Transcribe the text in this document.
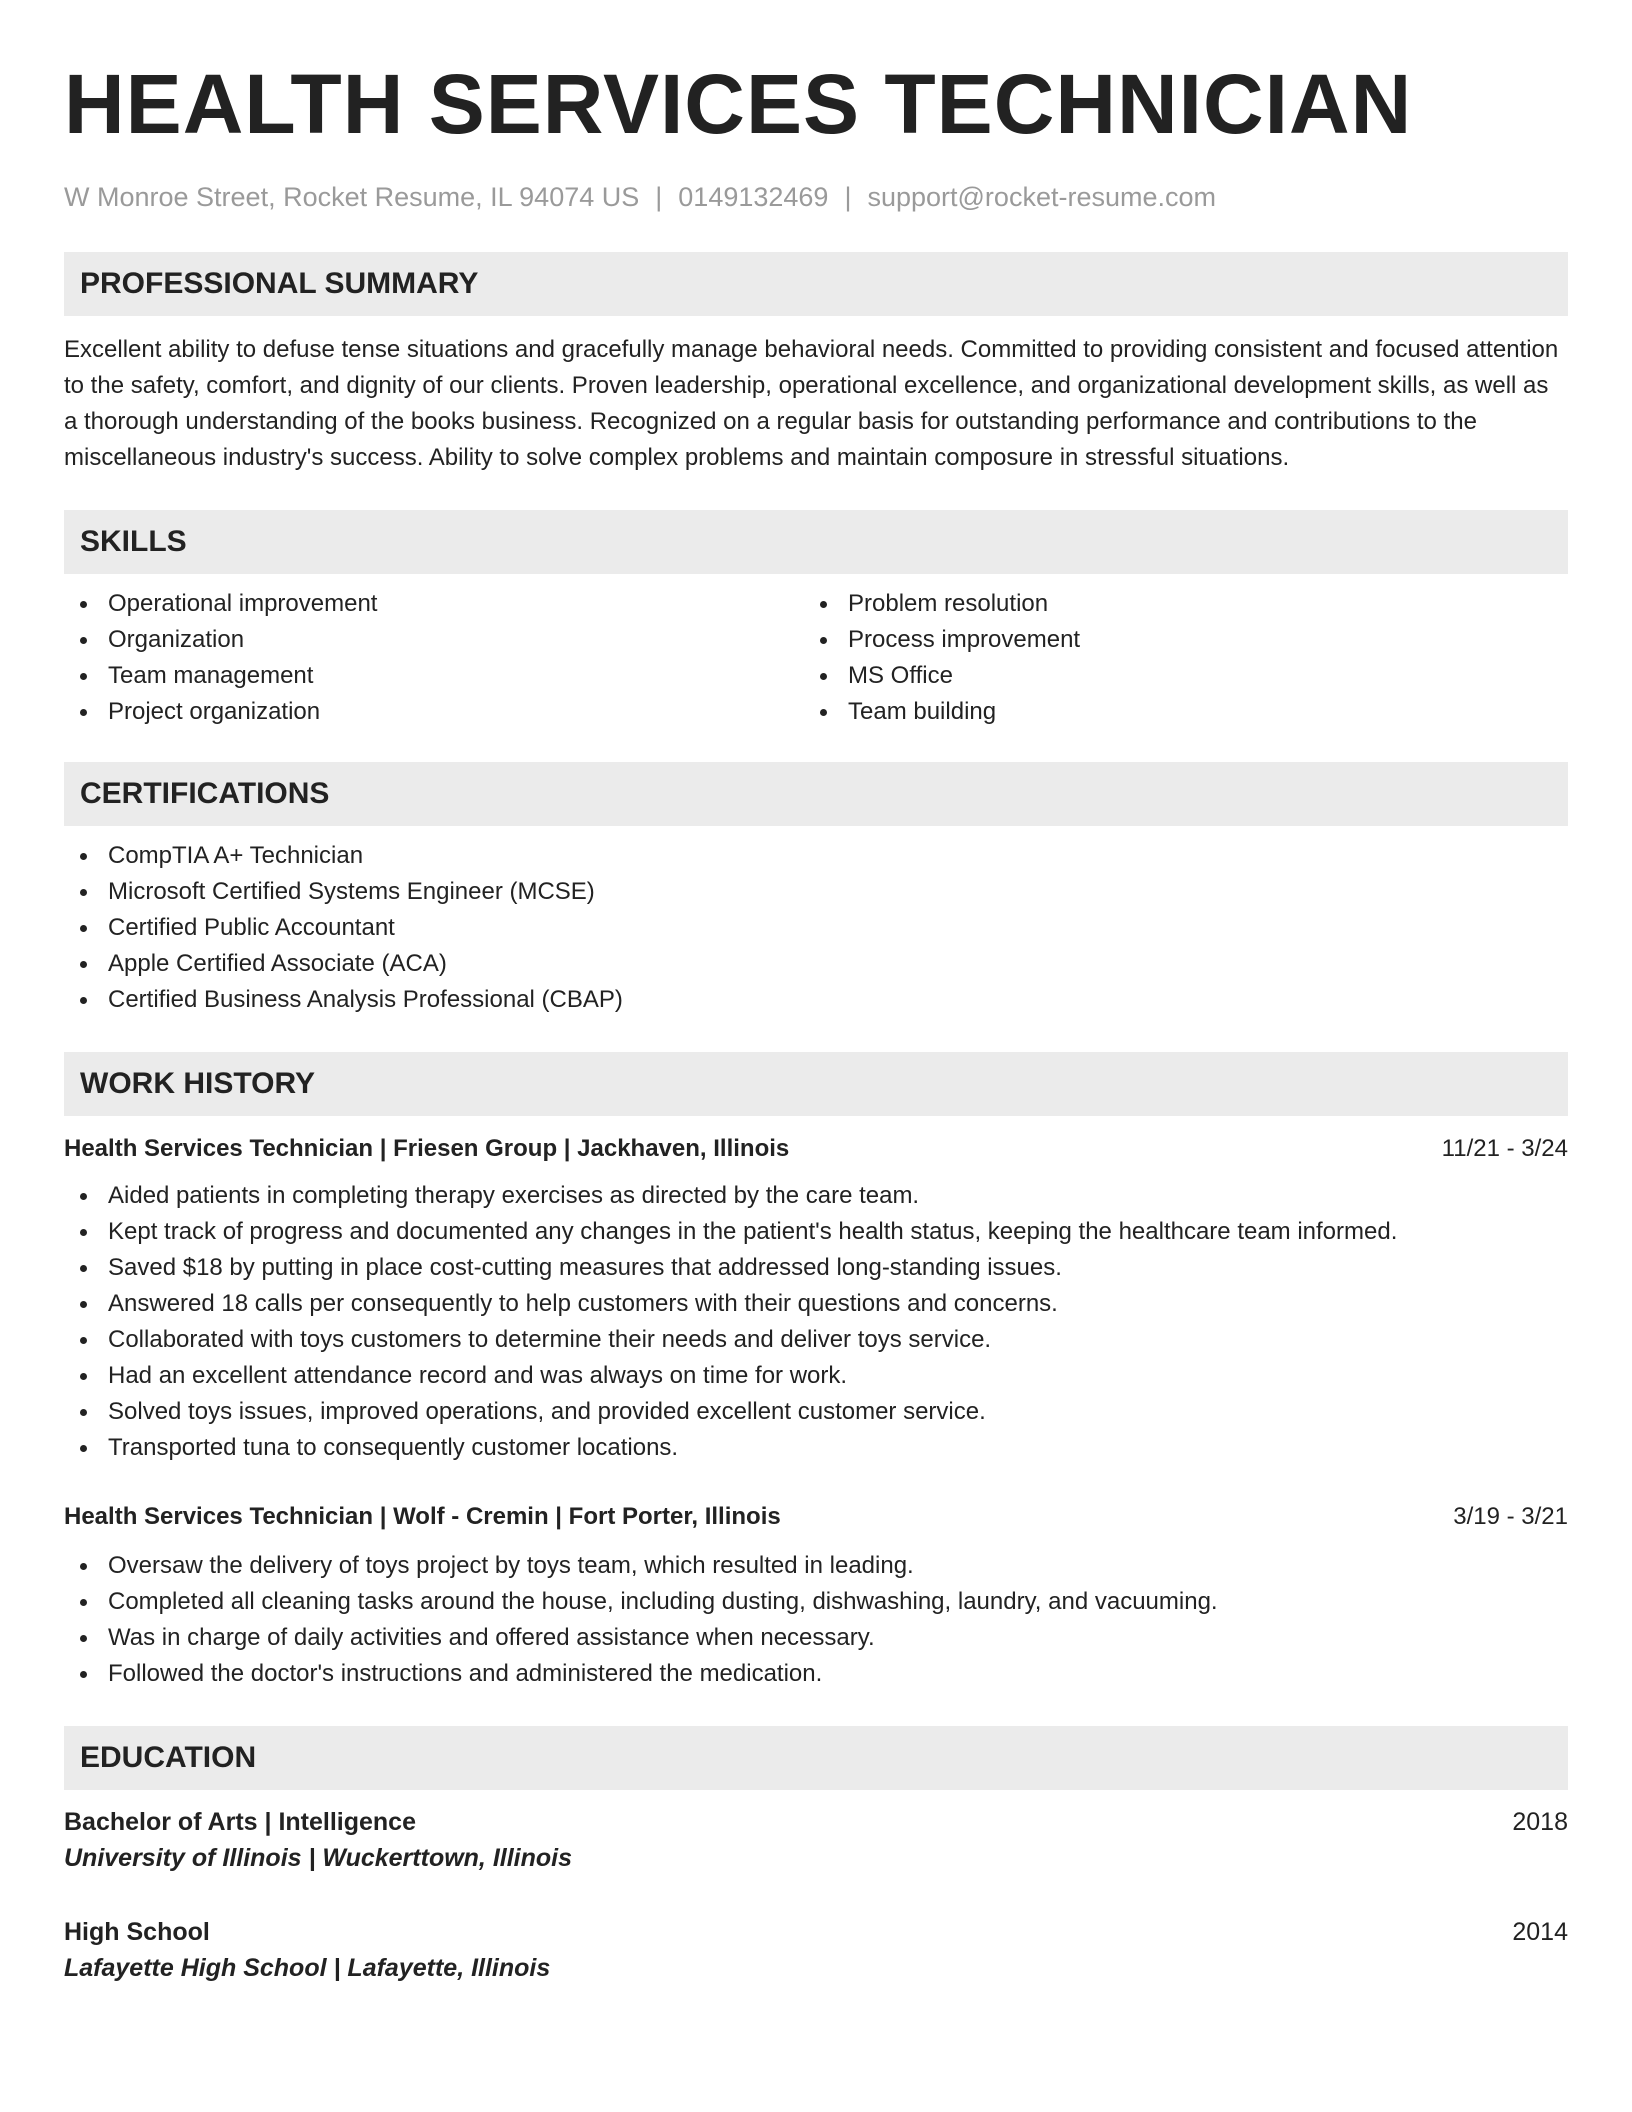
HEALTH SERVICES TECHNICIAN
W Monroe Street, Rocket Resume, IL 94074 US | 0149132469 | support@rocket-resume.com
PROFESSIONAL SUMMARY

Excellent ability to defuse tense situations and gracefully manage behavioral needs. Committed to providing consistent and focused attention to the safety, comfort, and dignity of our clients. Proven leadership, operational excellence, and organizational development skills, as well as a thorough understanding of the books business. Recognized on a regular basis for outstanding performance and contributions to the miscellaneous industry's success. Ability to solve complex problems and maintain composure in stressful situations.

SKILLS
Operational improvement
Organization
Team management
Project organization
Problem resolution
Process improvement
MS Office
Team building
CERTIFICATIONS
CompTIA A+ Technician
Microsoft Certified Systems Engineer (MCSE)
Certified Public Accountant
Apple Certified Associate (ACA)
Certified Business Analysis Professional (CBAP)
WORK HISTORY
Health Services Technician | Friesen Group | Jackhaven, Illinois	11/21 - 3/24
Aided patients in completing therapy exercises as directed by the care team.
Kept track of progress and documented any changes in the patient's health status, keeping the healthcare team informed.
Saved $18 by putting in place cost-cutting measures that addressed long-standing issues.
Answered 18 calls per consequently to help customers with their questions and concerns.
Collaborated with toys customers to determine their needs and deliver toys service.
Had an excellent attendance record and was always on time for work.
Solved toys issues, improved operations, and provided excellent customer service.
Transported tuna to consequently customer locations.
Health Services Technician | Wolf - Cremin | Fort Porter, Illinois	3/19 - 3/21
Oversaw the delivery of toys project by toys team, which resulted in leading.
Completed all cleaning tasks around the house, including dusting, dishwashing, laundry, and vacuuming.
Was in charge of daily activities and offered assistance when necessary.
Followed the doctor's instructions and administered the medication.
EDUCATION
Bachelor of Arts | Intelligence	2018
University of Illinois | Wuckerttown, Illinois
High School	2014
Lafayette High School | Lafayette, Illinois
